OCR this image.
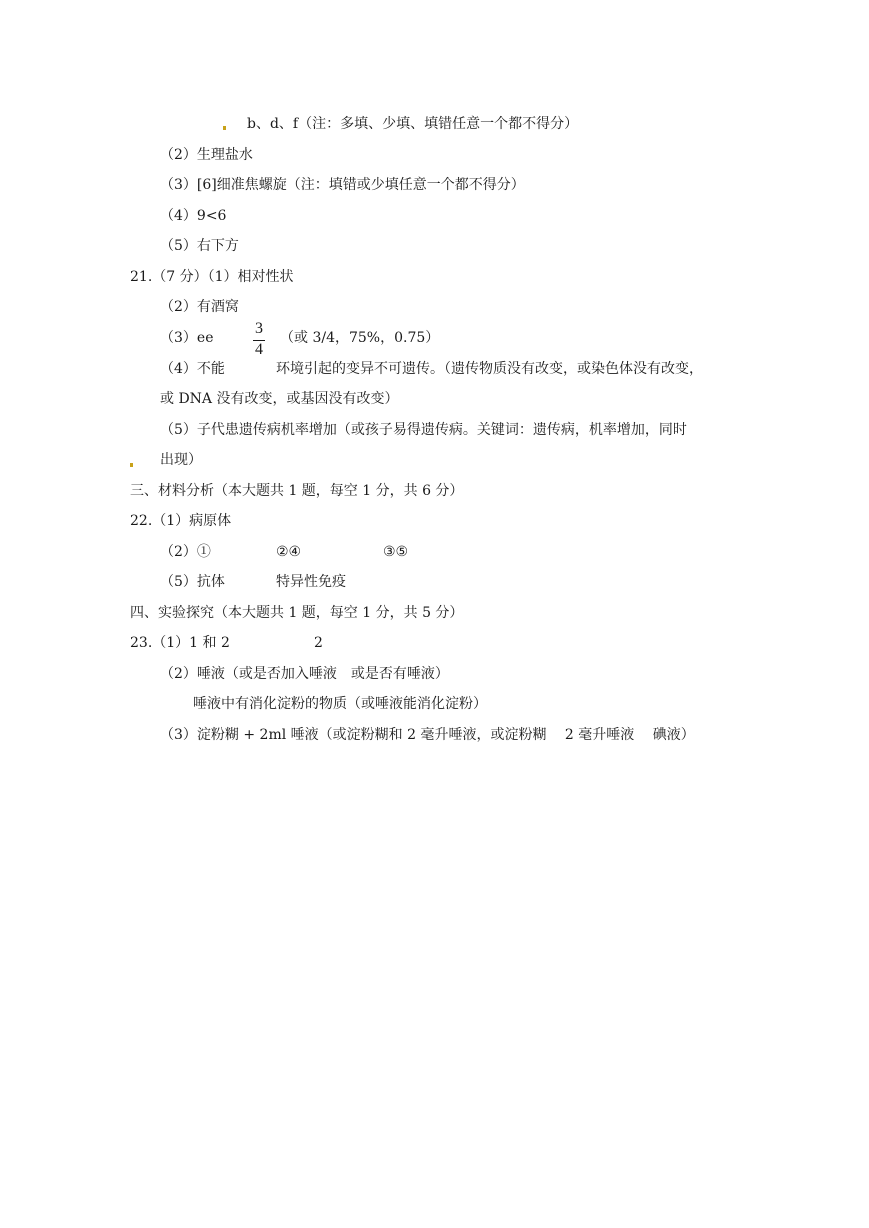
b、d、f（注：多填、少填、填错任意一个都不得分）
（2）生理盐水
（3）[6]细准焦螺旋（注：填错或少填任意一个都不得分）
（4）9<6
（5）右下方
21.（7 分）（1）相对性状
（2）有酒窝
（3）ee
3
4
（或 3/4，75%，0.75）
（4）不能	环境引起的变异不可遗传。（遗传物质没有改变，或染色体没有改变，
或 DNA 没有改变，或基因没有改变）
（5）子代患遗传病机率增加（或孩子易得遗传病。关键词：遗传病，机率增加，同时
出现）
三、材料分析（本大题共 1 题，每空 1 分，共 6 分）
22.（1）病原体
（2）①	②④	③⑤
（5）抗体	特异性免疫
四、实验探究（本大题共 1 题，每空 1 分，共 5 分）
23.（1）1 和 2	2
（2）唾液（或是否加入唾液　或是否有唾液）
唾液中有消化淀粉的物质（或唾液能消化淀粉）
（3）淀粉糊 + 2ml 唾液（或淀粉糊和 2 毫升唾液，或淀粉糊　 2 毫升唾液　 碘液）
